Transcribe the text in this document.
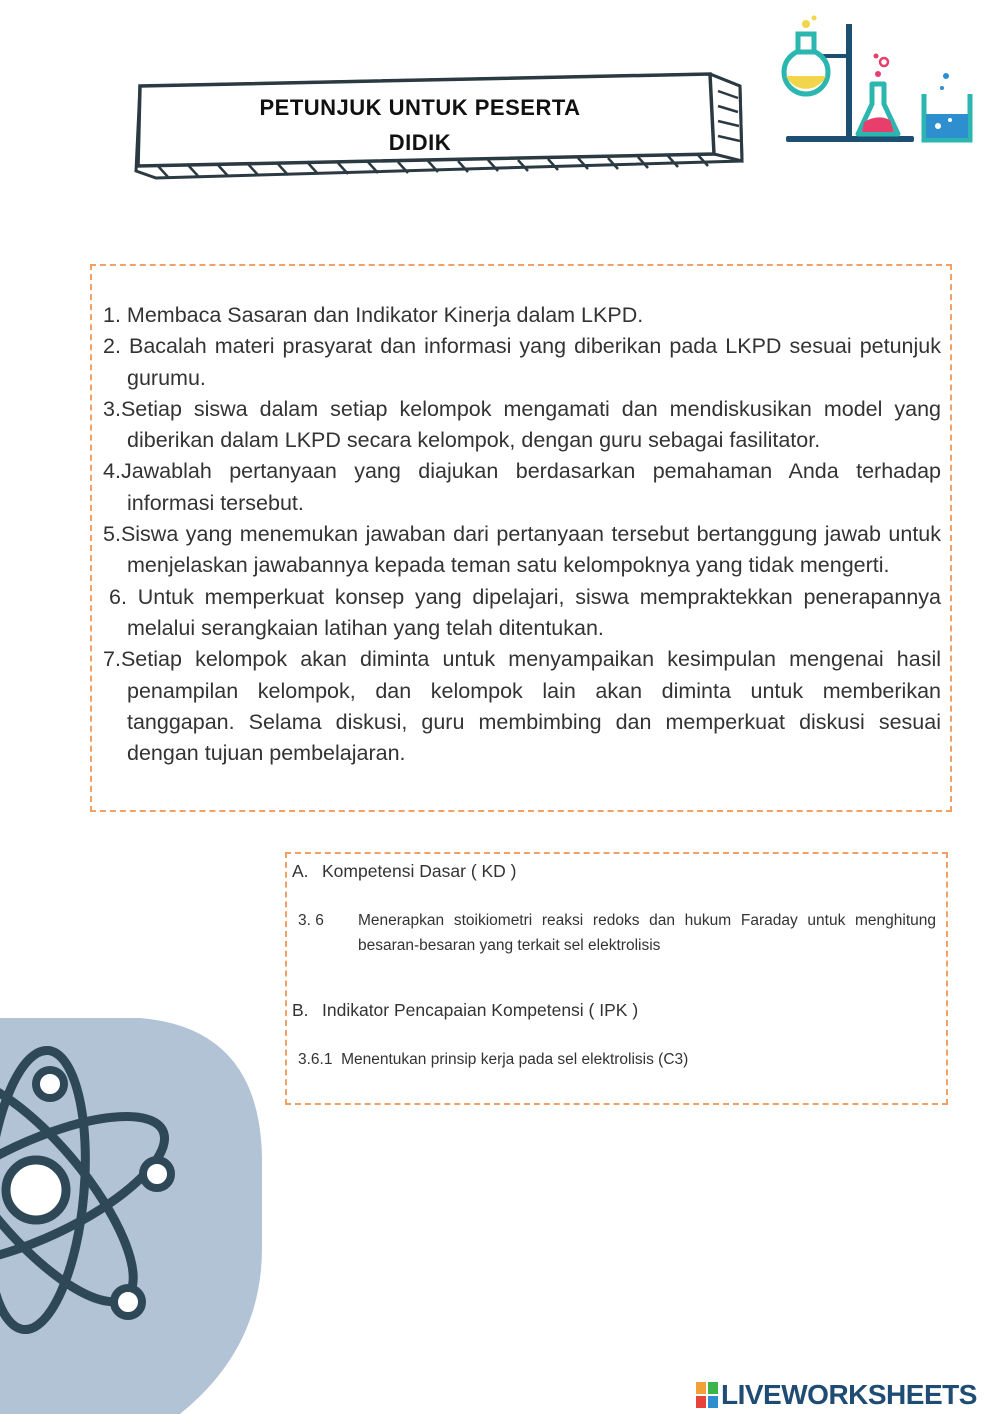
PETUNJUK UNTUK PESERTA
DIDIK
1. Membaca Sasaran dan Indikator Kinerja dalam LKPD.
2. Bacalah materi prasyarat dan informasi yang diberikan pada LKPD sesuai petunjuk gurumu.
3.Setiap siswa dalam setiap kelompok mengamati dan mendiskusikan model yang diberikan dalam LKPD secara kelompok, dengan guru sebagai fasilitator.
4.Jawablah pertanyaan yang diajukan berdasarkan pemahaman Anda terhadap informasi tersebut.
5.Siswa yang menemukan jawaban dari pertanyaan tersebut bertanggung jawab untuk menjelaskan jawabannya kepada teman satu kelompoknya yang tidak mengerti.
6. Untuk memperkuat konsep yang dipelajari, siswa mempraktekkan penerapannya melalui serangkaian latihan yang telah ditentukan.
7.Setiap kelompok akan diminta untuk menyampaikan kesimpulan mengenai hasil penampilan kelompok, dan kelompok lain akan diminta untuk memberikan tanggapan. Selama diskusi, guru membimbing dan memperkuat diskusi sesuai dengan tujuan pembelajaran.
A. Kompetensi Dasar ( KD )
3. 6	Menerapkan stoikiometri reaksi redoks dan hukum Faraday untuk menghitung besaran-besaran yang terkait sel elektrolisis
B. Indikator Pencapaian Kompetensi ( IPK )
3.6.1 Menentukan prinsip kerja pada sel elektrolisis (C3)
LIVEWORKSHEETS
